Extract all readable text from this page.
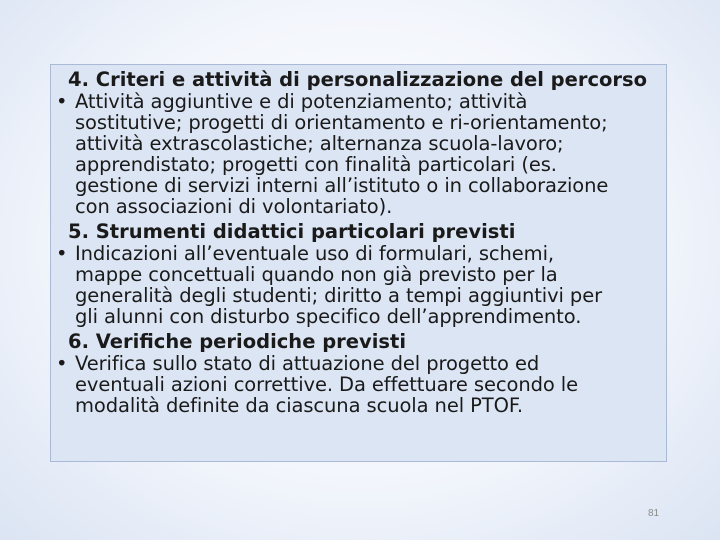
4. Criteri e attività di personalizzazione del percorso

• Attività aggiuntive e di potenziamento; attività
sostitutive; progetti di orientamento e ri-orientamento;
attività extrascolastiche; alternanza scuola-lavoro;
apprendistato; progetti con finalità particolari (es.
gestione di servizi interni all’istituto o in collaborazione
con associazioni di volontariato).

5. Strumenti didattici particolari previsti

• Indicazioni all’eventuale uso di formulari, schemi,
mappe concettuali quando non già previsto per la
generalità degli studenti; diritto a tempi aggiuntivi per
gli alunni con disturbo specifico dell’apprendimento.

6. Verifiche periodiche previsti

• Verifica sullo stato di attuazione del progetto ed
eventuali azioni correttive. Da effettuare secondo le
modalità definite da ciascuna scuola nel PTOF.
81
